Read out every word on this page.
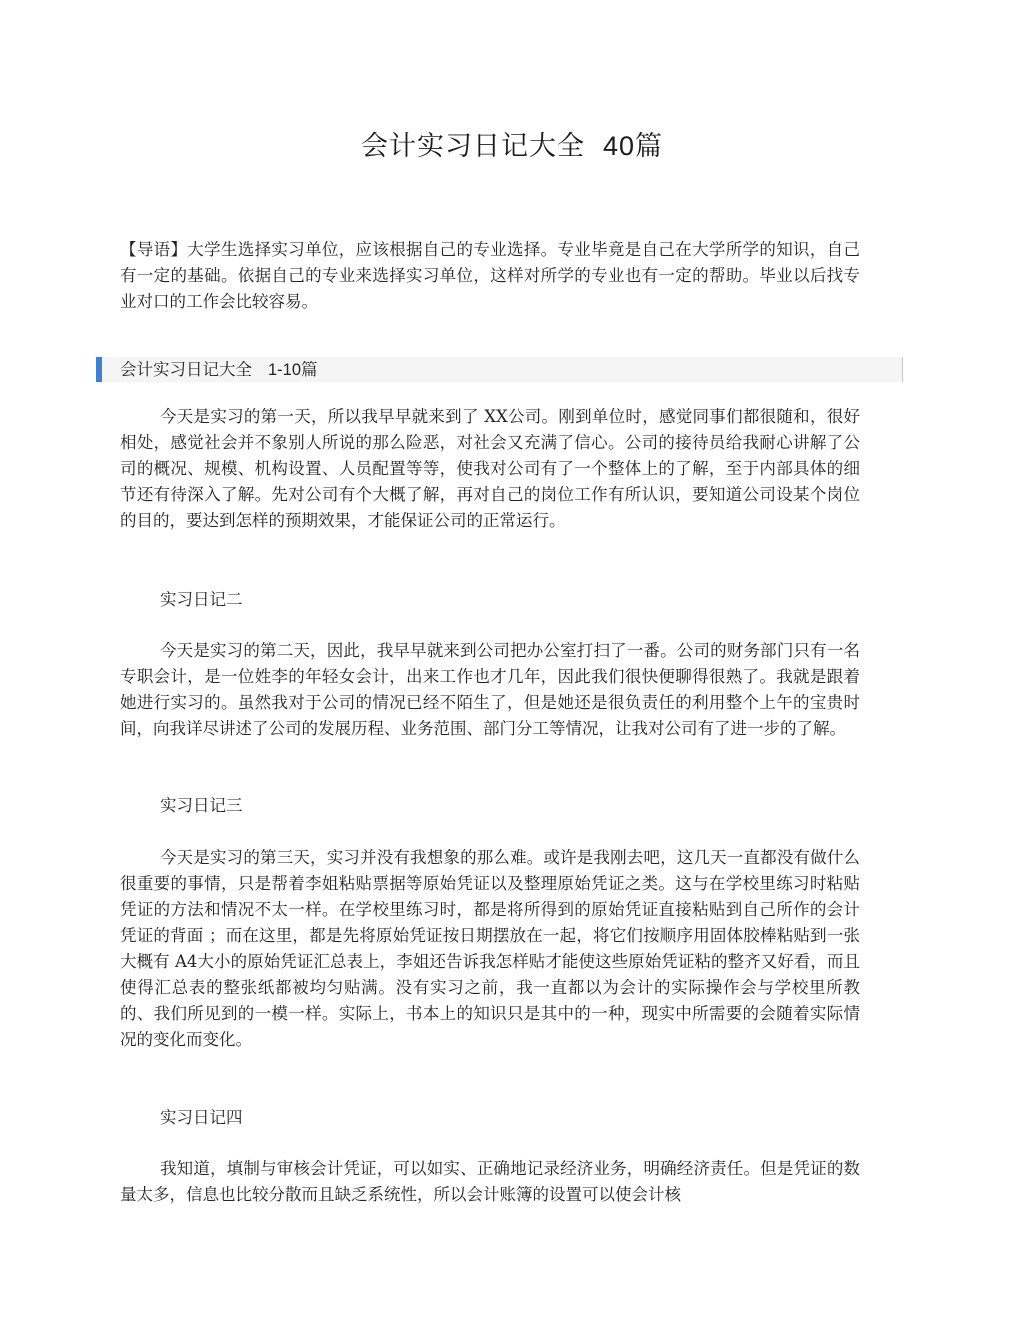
会计实习日记大全 40篇
【导语】大学生选择实习单位，应该根据自己的专业选择。专业毕竟是自己在大学所学的知识，自己有一定的基础。依据自己的专业来选择实习单位，这样对所学的专业也有一定的帮助。毕业以后找专业对口的工作会比较容易。
会计实习日记大全 1-10篇
今天是实习的第一天，所以我早早就来到了 XX公司。刚到单位时，感觉同事们都很随和，很好相处，感觉社会并不象别人所说的那么险恶，对社会又充满了信心。公司的接待员给我耐心讲解了公司的概况、规模、机构设置、人员配置等等，使我对公司有了一个整体上的了解，至于内部具体的细节还有待深入了解。先对公司有个大概了解，再对自己的岗位工作有所认识，要知道公司设某个岗位的目的，要达到怎样的预期效果，才能保证公司的正常运行。
实习日记二
今天是实习的第二天，因此，我早早就来到公司把办公室打扫了一番。公司的财务部门只有一名专职会计，是一位姓李的年轻女会计，出来工作也才几年，因此我们很快便聊得很熟了。我就是跟着她进行实习的。虽然我对于公司的情况已经不陌生了，但是她还是很负责任的利用整个上午的宝贵时间，向我详尽讲述了公司的发展历程、业务范围、部门分工等情况，让我对公司有了进一步的了解。
实习日记三
今天是实习的第三天，实习并没有我想象的那么难。或许是我刚去吧，这几天一直都没有做什么很重要的事情，只是帮着李姐粘贴票据等原始凭证以及整理原始凭证之类。这与在学校里练习时粘贴凭证的方法和情况不太一样。在学校里练习时，都是将所得到的原始凭证直接粘贴到自己所作的会计凭证的背面 ；而在这里，都是先将原始凭证按日期摆放在一起，将它们按顺序用固体胶棒粘贴到一张大概有 A4大小的原始凭证汇总表上，李姐还告诉我怎样贴才能使这些原始凭证粘的整齐又好看，而且使得汇总表的整张纸都被均匀贴满。没有实习之前，我一直都以为会计的实际操作会与学校里所教的、我们所见到的一模一样。实际上，书本上的知识只是其中的一种，现实中所需要的会随着实际情况的变化而变化。
实习日记四
我知道，填制与审核会计凭证，可以如实、正确地记录经济业务，明确经济责任。但是凭证的数量太多，信息也比较分散而且缺乏系统性，所以会计账簿的设置可以使会计核
